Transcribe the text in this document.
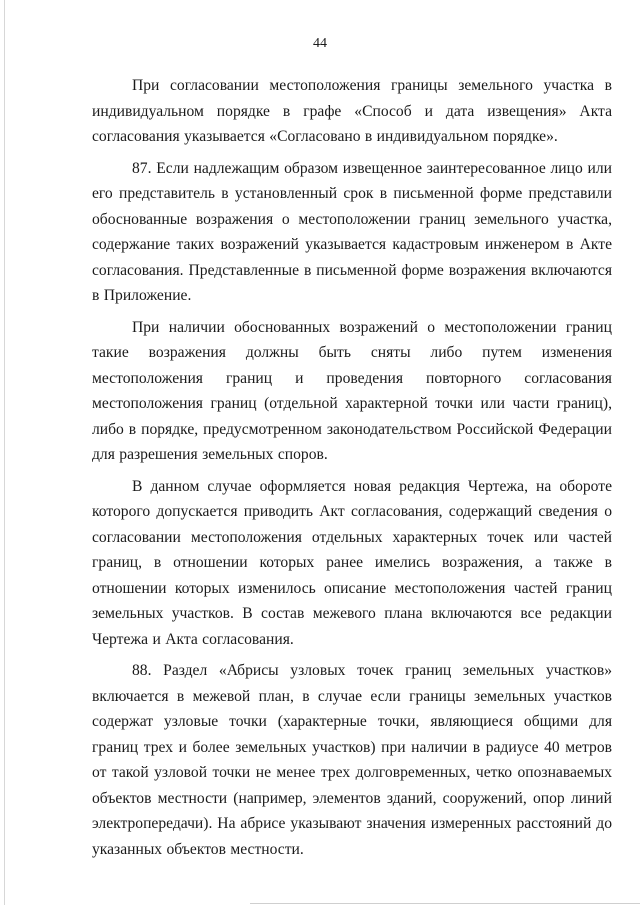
44

При согласовании местоположения границы земельного участка в индивидуальном порядке в графе «Способ и дата извещения» Акта согласования указывается «Согласовано в индивидуальном порядке».

87. Если надлежащим образом извещенное заинтересованное лицо или его представитель в установленный срок в письменной форме представили обоснованные возражения о местоположении границ земельного участка, содержание таких возражений указывается кадастровым инженером в Акте согласования. Представленные в письменной форме возражения включаются в Приложение.

При наличии обоснованных возражений о местоположении границ такие возражения должны быть сняты либо путем изменения местоположения границ и проведения повторного согласования местоположения границ (отдельной характерной точки или части границ), либо в порядке, предусмотренном законодательством Российской Федерации для разрешения земельных споров.

В данном случае оформляется новая редакция Чертежа, на обороте которого допускается приводить Акт согласования, содержащий сведения о согласовании местоположения отдельных характерных точек или частей границ, в отношении которых ранее имелись возражения, а также в отношении которых изменилось описание местоположения частей границ земельных участков. В состав межевого плана включаются все редакции Чертежа и Акта согласования.

88. Раздел «Абрисы узловых точек границ земельных участков» включается в межевой план, в случае если границы земельных участков содержат узловые точки (характерные точки, являющиеся общими для границ трех и более земельных участков) при наличии в радиусе 40 метров от такой узловой точки не менее трех долговременных, четко опознаваемых объектов местности (например, элементов зданий, сооружений, опор линий электропередачи). На абрисе указывают значения измеренных расстояний до указанных объектов местности.
